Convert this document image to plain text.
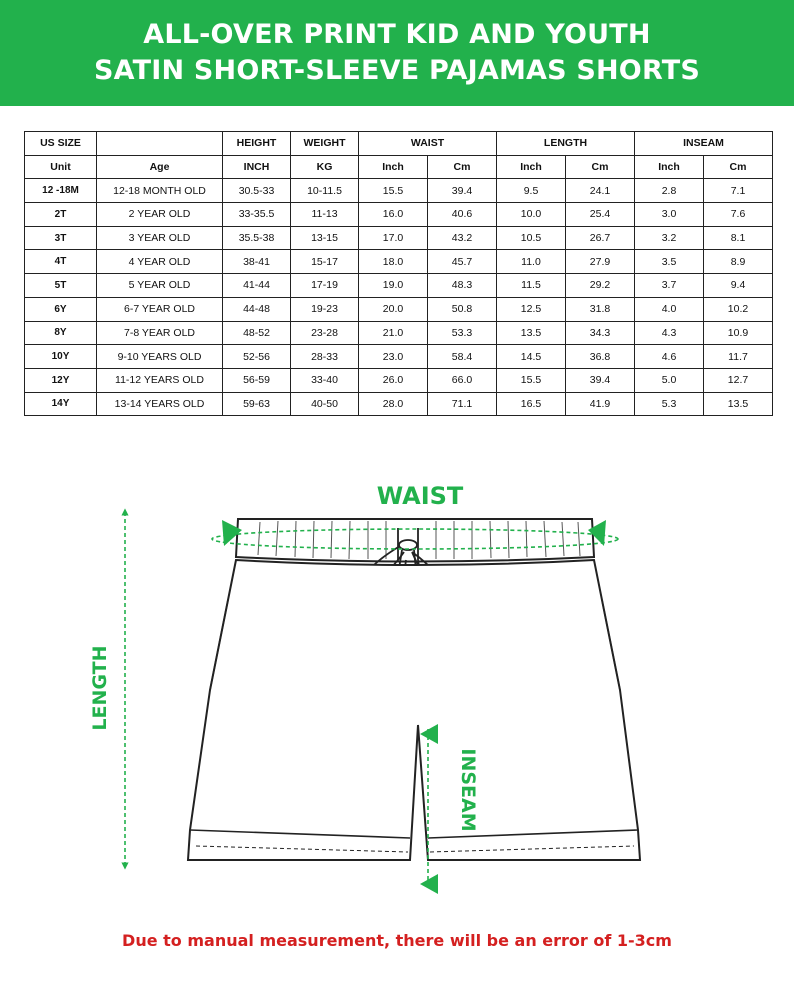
ALL-OVER PRINT KID AND YOUTH
SATIN SHORT-SLEEVE PAJAMAS SHORTS
US SIZE		HEIGHT	WEIGHT	WAIST		LENGTH		INSEAM	
Unit	Age	INCH	KG	Inch	Cm	Inch	Cm	Inch	Cm
12 -18M	12-18 MONTH OLD	30.5-33	10-11.5	15.5	39.4	9.5	24.1	2.8	7.1
2T	2 YEAR OLD	33-35.5	11-13	16.0	40.6	10.0	25.4	3.0	7.6
3T	3 YEAR OLD	35.5-38	13-15	17.0	43.2	10.5	26.7	3.2	8.1
4T	4 YEAR OLD	38-41	15-17	18.0	45.7	11.0	27.9	3.5	8.9
5T	5 YEAR OLD	41-44	17-19	19.0	48.3	11.5	29.2	3.7	9.4
6Y	6-7 YEAR OLD	44-48	19-23	20.0	50.8	12.5	31.8	4.0	10.2
8Y	7-8 YEAR OLD	48-52	23-28	21.0	53.3	13.5	34.3	4.3	10.9
10Y	9-10 YEARS OLD	52-56	28-33	23.0	58.4	14.5	36.8	4.6	11.7
12Y	11-12 YEARS OLD	56-59	33-40	26.0	66.0	15.5	39.4	5.0	12.7
14Y	13-14 YEARS OLD	59-63	40-50	28.0	71.1	16.5	41.9	5.3	13.5
WAIST
LENGTH
INSEAM
Due to manual measurement, there will be an error of 1-3cm
